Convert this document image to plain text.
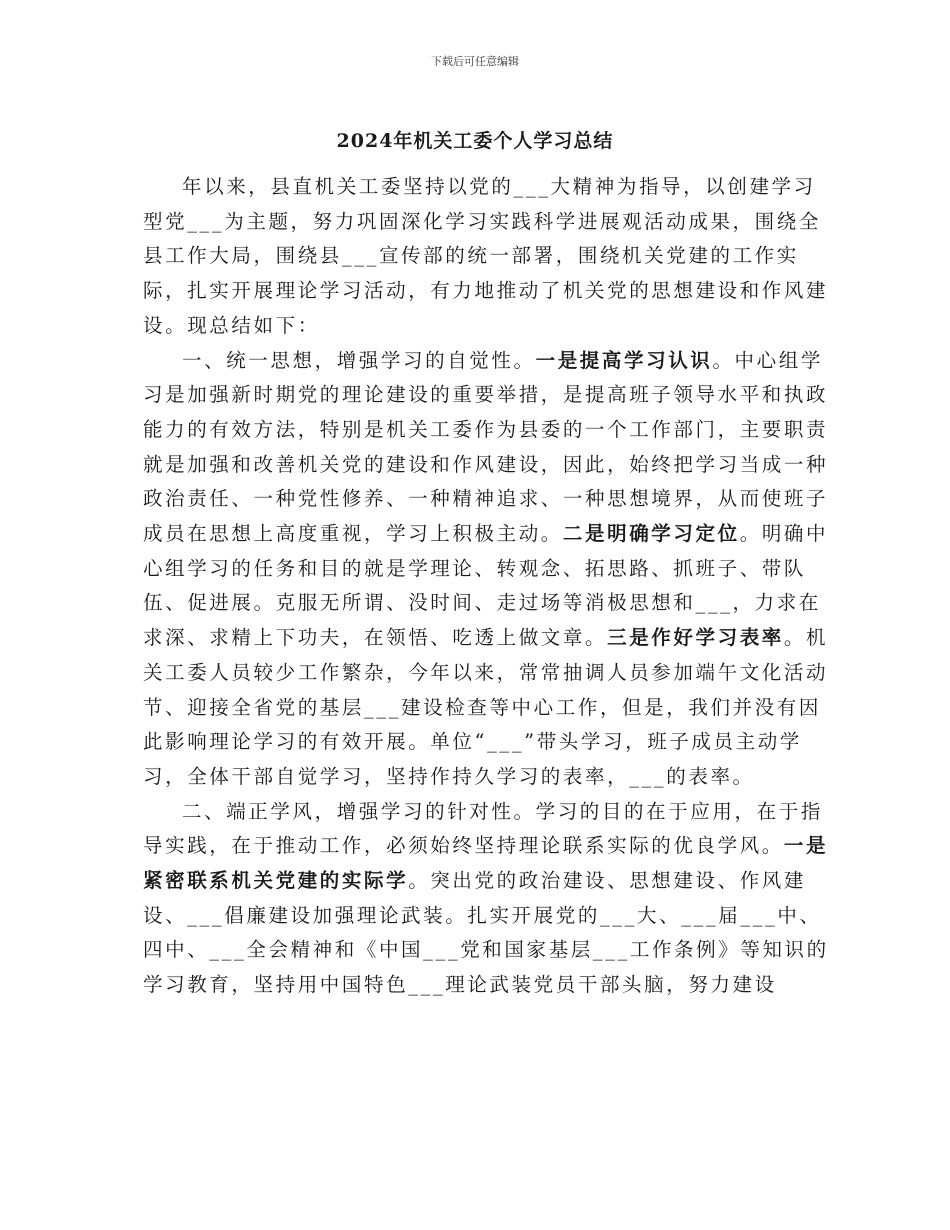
下载后可任意编辑
2024年机关工委个人学习总结

年以来，县直机关工委坚持以党的___大精神为指导，以创建学习型党___为主题，努力巩固深化学习实践科学进展观活动成果，围绕全县工作大局，围绕县___宣传部的统一部署，围绕机关党建的工作实际，扎实开展理论学习活动，有力地推动了机关党的思想建设和作风建设。现总结如下：

一、统一思想，增强学习的自觉性。一是提高学习认识。中心组学习是加强新时期党的理论建设的重要举措，是提高班子领导水平和执政能力的有效方法，特别是机关工委作为县委的一个工作部门，主要职责就是加强和改善机关党的建设和作风建设，因此，始终把学习当成一种政治责任、一种党性修养、一种精神追求、一种思想境界，从而使班子成员在思想上高度重视，学习上积极主动。二是明确学习定位。明确中心组学习的任务和目的就是学理论、转观念、拓思路、抓班子、带队伍、促进展。克服无所谓、没时间、走过场等消极思想和___，力求在求深、求精上下功夫，在领悟、吃透上做文章。三是作好学习表率。机关工委人员较少工作繁杂，今年以来，常常抽调人员参加端午文化活动节、迎接全省党的基层___建设检查等中心工作，但是，我们并没有因此影响理论学习的有效开展。单位“___”带头学习，班子成员主动学习，全体干部自觉学习，坚持作持久学习的表率，___的表率。

二、端正学风，增强学习的针对性。学习的目的在于应用，在于指导实践，在于推动工作，必须始终坚持理论联系实际的优良学风。一是紧密联系机关党建的实际学。突出党的政治建设、思想建设、作风建设、___倡廉建设加强理论武装。扎实开展党的___大、___届___中、四中、___全会精神和《中国___党和国家基层___工作条例》等知识的学习教育，坚持用中国特色___理论武装党员干部头脑，努力建设
